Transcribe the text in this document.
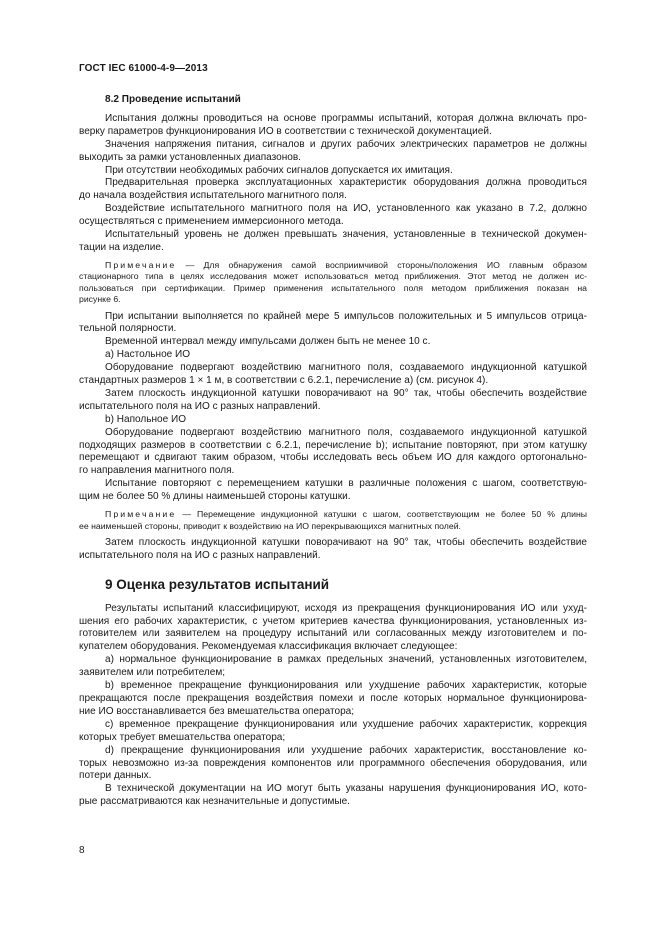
ГОСТ IEC 61000-4-9—2013
8.2 Проведение испытаний

Испытания должны проводиться на основе программы испытаний, которая должна включать про-

верку параметров функционирования ИО в соответствии с технической документацией.

Значения напряжения питания, сигналов и других рабочих электрических параметров не должны

выходить за рамки установленных диапазонов.

При отсутствии необходимых рабочих сигналов допускается их имитация.

Предварительная проверка эксплуатационных характеристик оборудования должна проводиться

до начала воздействия испытательного магнитного поля.

Воздействие испытательного магнитного поля на ИО, установленного как указано в 7.2, должно

осуществляться с применением иммерсионного метода.

Испытательный уровень не должен превышать значения, установленные в технической докумен-

тации на изделие.

Примечание — Для обнаружения самой восприимчивой стороны/положения ИО главным образом

стационарного типа в целях исследования может использоваться метод приближения. Этот метод не должен ис-

пользоваться при сертификации. Пример применения испытательного поля методом приближения показан на

рисунке 6.

При испытании выполняется по крайней мере 5 импульсов положительных и 5 импульсов отрица-

тельной полярности.

Временной интервал между импульсами должен быть не менее 10 с.

а) Настольное ИО

Оборудование подвергают воздействию магнитного поля, создаваемого индукционной катушкой

стандартных размеров 1 × 1 м, в соответствии с 6.2.1, перечисление а) (см. рисунок 4).

Затем плоскость индукционной катушки поворачивают на 90° так, чтобы обеспечить воздействие

испытательного поля на ИО с разных направлений.

b) Напольное ИО

Оборудование подвергают воздействию магнитного поля, создаваемого индукционной катушкой

подходящих размеров в соответствии с 6.2.1, перечисление b); испытание повторяют, при этом катушку

перемещают и сдвигают таким образом, чтобы исследовать весь объем ИО для каждого ортогонально-

го направления магнитного поля.

Испытание повторяют с перемещением катушки в различные положения с шагом, соответствую-

щим не более 50 % длины наименьшей стороны катушки.

Примечание — Перемещение индукционной катушки с шагом, соответствующим не более 50 % длины

ее наименьшей стороны, приводит к воздействию на ИО перекрывающихся магнитных полей.

Затем плоскость индукционной катушки поворачивают на 90° так, чтобы обеспечить воздействие

испытательного поля на ИО с разных направлений.

9 Оценка результатов испытаний

Результаты испытаний классифицируют, исходя из прекращения функционирования ИО или ухуд-

шения его рабочих характеристик, с учетом критериев качества функционирования, установленных из-

готовителем или заявителем на процедуру испытаний или согласованных между изготовителем и по-

купателем оборудования. Рекомендуемая классификация включает следующее:

а) нормальное функционирование в рамках предельных значений, установленных изготовителем,

заявителем или потребителем;

b) временное прекращение функционирования или ухудшение рабочих характеристик, которые

прекращаются после прекращения воздействия помехи и после которых нормальное функционирова-

ние ИО восстанавливается без вмешательства оператора;

с) временное прекращение функционирования или ухудшение рабочих характеристик, коррекция

которых требует вмешательства оператора;

d) прекращение функционирования или ухудшение рабочих характеристик, восстановление ко-

торых невозможно из-за повреждения компонентов или программного обеспечения оборудования, или

потери данных.

В технической документации на ИО могут быть указаны нарушения функционирования ИО, кото-

рые рассматриваются как незначительные и допустимые.

8
